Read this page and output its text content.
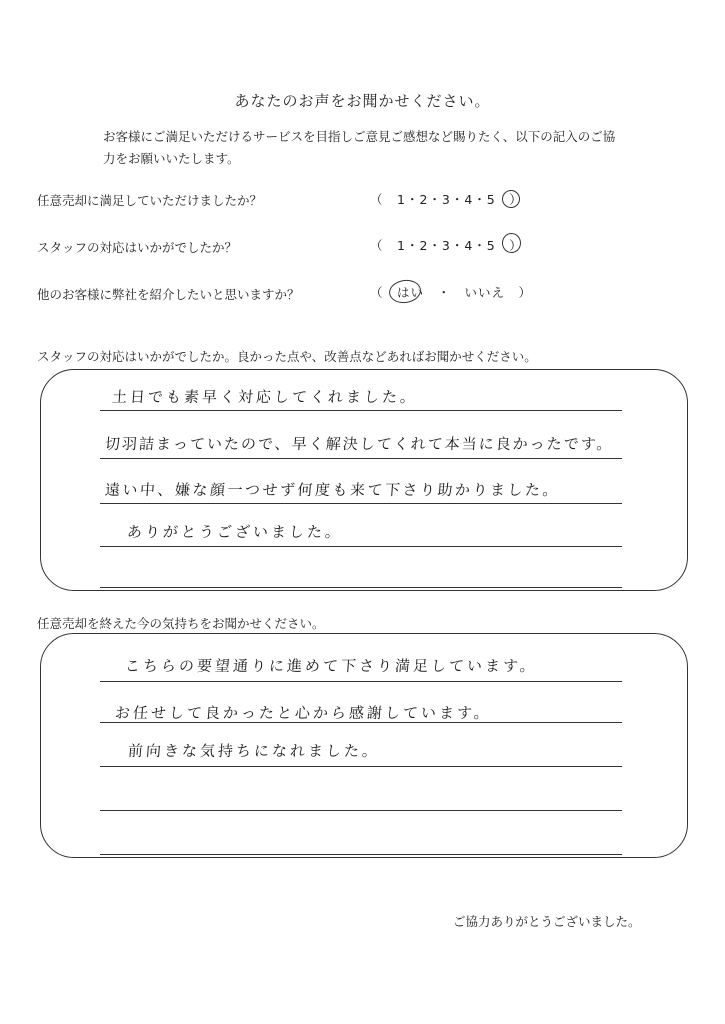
あなたのお声をお聞かせください。
お客様にご満足いただけるサービスを目指しご意見ご感想など賜りたく、以下の記入のご協力をお願いいたします。
任意売却に満足していただけましたか？	（　1・2・3・4・5　）
スタッフの対応はいかがでしたか？	（　1・2・3・4・5　）
他のお客様に弊社を紹介したいと思いますか？	（　はい　・　いいえ　）
スタッフの対応はいかがでしたか。良かった点や、改善点などあればお聞かせください。
土日でも素早く対応してくれました。
切羽詰まっていたので、早く解決してくれて本当に良かったです。
遠い中、嫌な顔一つせず何度も来て下さり助かりました。
ありがとうございました。
任意売却を終えた今の気持ちをお聞かせください。
こちらの要望通りに進めて下さり満足しています。
お任せして良かったと心から感謝しています。
前向きな気持ちになれました。
ご協力ありがとうございました。
